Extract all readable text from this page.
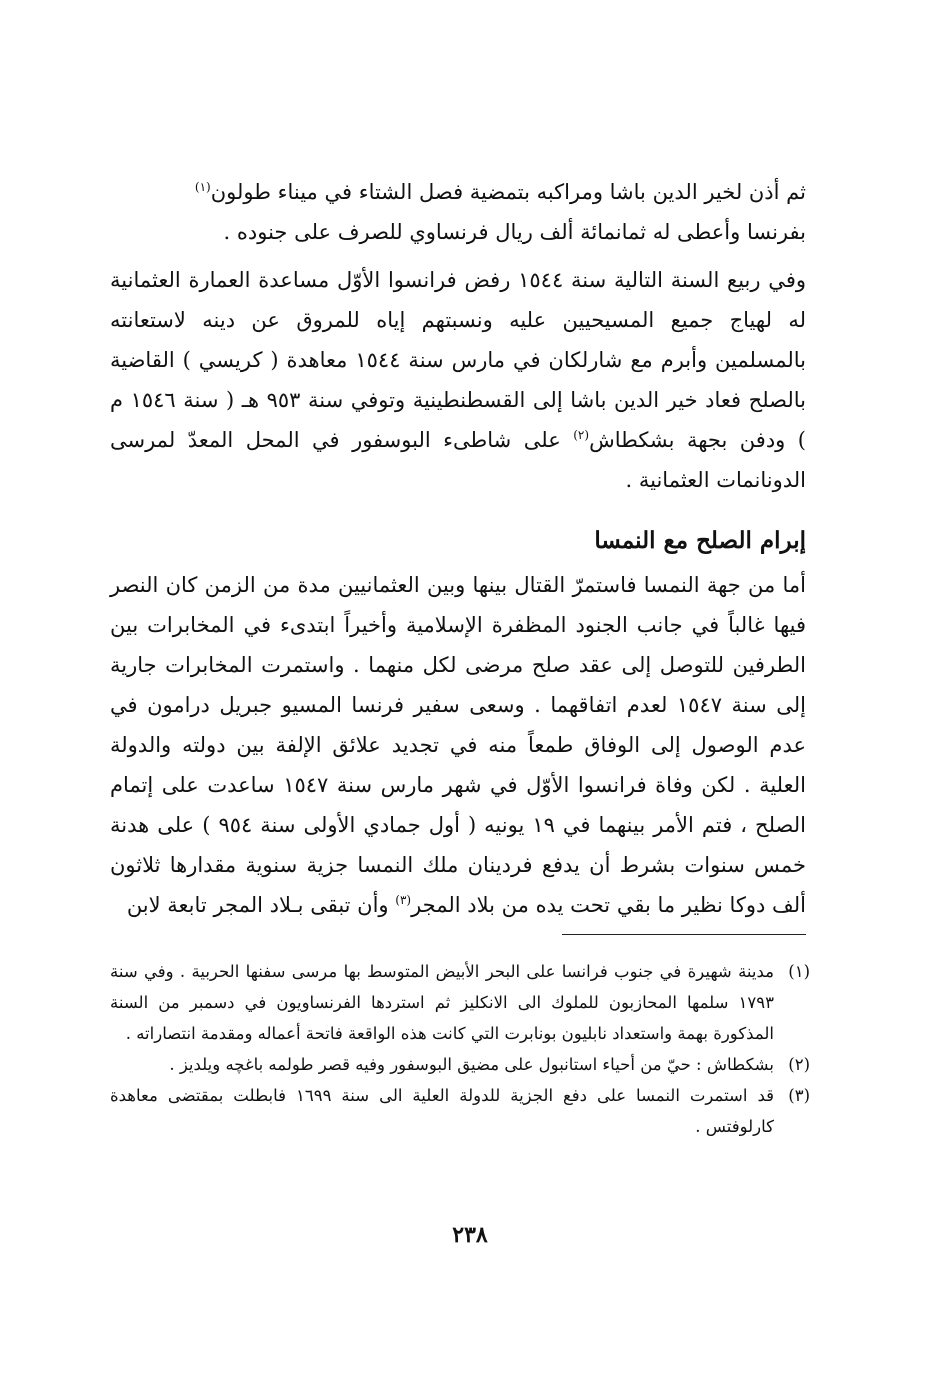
ثم أذن لخير الدين باشا ومراكبه بتمضية فصل الشتاء في ميناء طولون$^{(١)}$
بفرنسا وأعطى له ثمانمائة ألف ريال فرنساوي للصرف على جنوده .
وفي ربيع السنة التالية سنة ١٥٤٤ رفض فرانسوا الأوّل مساعدة العمارة العثمانية له لهياج جميع المسيحيين عليه ونسبتهم إياه للمروق عن دينه لاستعانته بالمسلمين وأبرم مع شارلكان في مارس سنة ١٥٤٤ معاهدة ( كريسي ) القاضية بالصلح فعاد خير الدين باشا إلى القسطنطينية وتوفي سنة ٩٥٣ هـ ( سنة ١٥٤٦ م ) ودفن بجهة بشكطاش$^{(٢)}$ على شاطىء البوسفور في المحل المعدّ لمرسى الدونانمات العثمانية .
إبرام الصلح مع النمسا
أما من جهة النمسا فاستمرّ القتال بينها وبين العثمانيين مدة من الزمن كان النصر فيها غالباً في جانب الجنود المظفرة الإسلامية وأخيراً ابتدىء في المخابرات بين الطرفين للتوصل إلى عقد صلح مرضى لكل منهما . واستمرت المخابرات جارية إلى سنة ١٥٤٧ لعدم اتفاقهما . وسعى سفير فرنسا المسيو جبريل درامون في عدم الوصول إلى الوفاق طمعاً منه في تجديد علائق الإلفة بين دولته والدولة العلية . لكن وفاة فرانسوا الأوّل في شهر مارس سنة ١٥٤٧ ساعدت على إتمام الصلح ، فتم الأمر بينهما في ١٩ يونيه ( أول جمادي الأولى سنة ٩٥٤ ) على هدنة خمس سنوات بشرط أن يدفع فردينان ملك النمسا جزية سنوية مقدارها ثلاثون ألف دوكا نظير ما بقي تحت يده من بلاد المجر$^{(٣)}$ وأن تبقى بـلاد المجر تابعة لابن
(١)
مدينة شهيرة في جنوب فرانسا على البحر الأبيض المتوسط بها مرسى سفنها الحربية . وفي سنة ١٧٩٣ سلمها المحازبون للملوك الى الانكليز ثم استردها الفرنساويون في دسمبر من السنة المذكورة بهمة واستعداد نابليون بونابرت التي كانت هذه الواقعة فاتحة أعماله ومقدمة انتصاراته .
(٢)
بشكطاش : حيّ من أحياء استانبول على مضيق البوسفور وفيه قصر طولمه باغچه ويلديز .
(٣)
قد استمرت النمسا على دفع الجزية للدولة العلية الى سنة ١٦٩٩ فابطلت بمقتضى معاهدة كارلوفتس .
٢٣٨
